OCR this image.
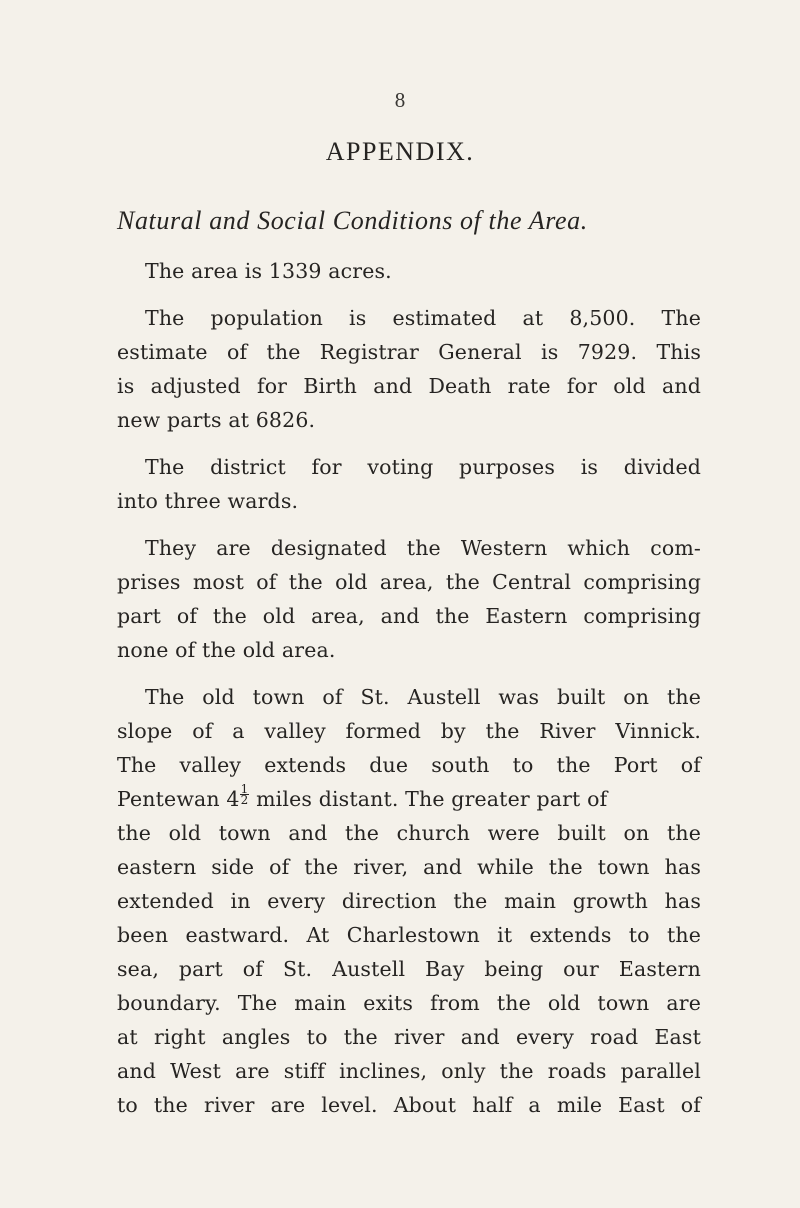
8
APPENDIX.
Natural and Social Conditions of the Area.
The area is 1339 acres.
The population is estimated at 8,500. The
estimate of the Registrar General is 7929. This
is adjusted for Birth and Death rate for old and
new parts at 6826.
The district for voting purposes is divided
into three wards.
They are designated the Western which com-
prises most of the old area, the Central comprising
part of the old area, and the Eastern comprising
none of the old area.
The old town of St. Austell was built on the
slope of a valley formed by the River Vinnick.
The valley extends due south to the Port of
Pentewan $4 \frac{1}{2}$ miles distant. The greater part of
the old town and the church were built on the
eastern side of the river, and while the town has
extended in every direction the main growth has
been eastward. At Charlestown it extends to the
sea, part of St. Austell Bay being our Eastern
boundary. The main exits from the old town are
at right angles to the river and every road East
and West are stiff inclines, only the roads parallel
to the river are level. About half a mile East of
